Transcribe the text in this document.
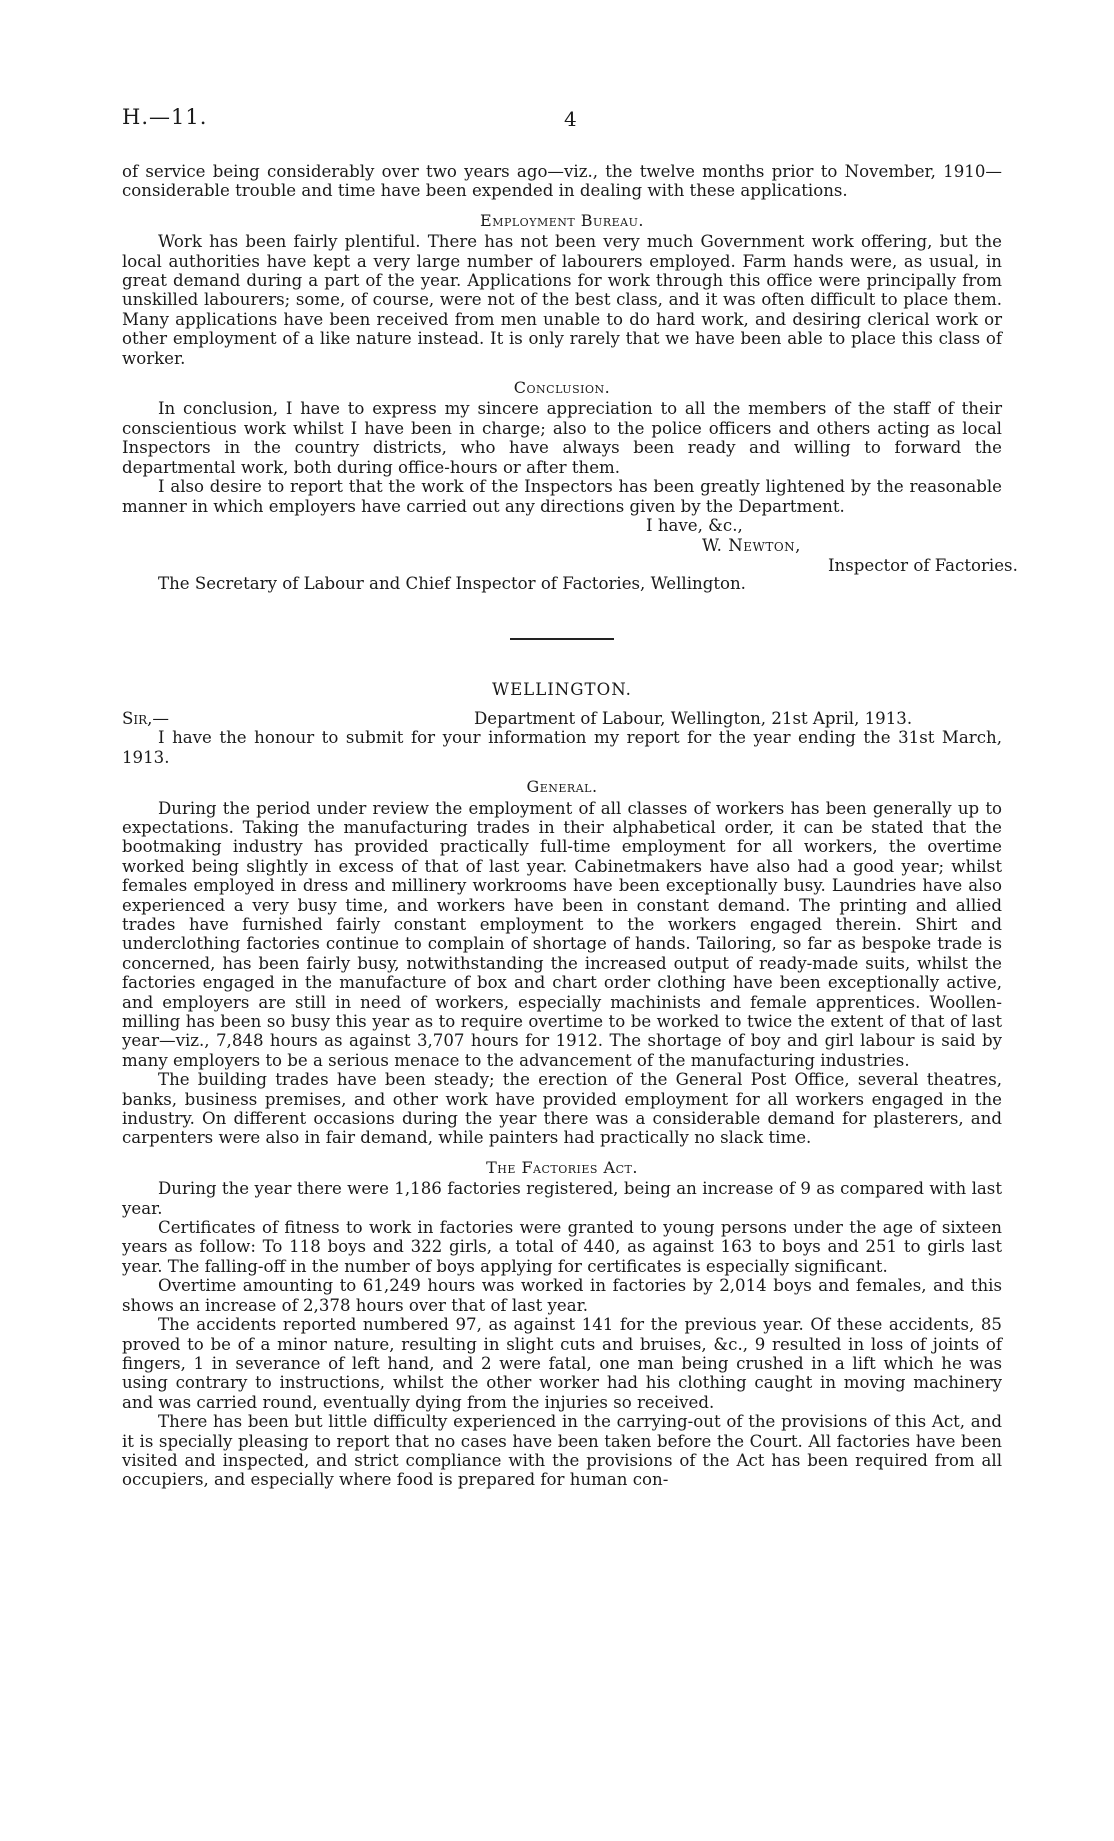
H.—11.	4

of service being considerably over two years ago—viz., the twelve months prior to November, 1910—considerable trouble and time have been expended in dealing with these applications.

Employment Bureau.

Work has been fairly plentiful. There has not been very much Government work offering, but the local authorities have kept a very large number of labourers employed. Farm hands were, as usual, in great demand during a part of the year. Applications for work through this office were principally from unskilled labourers; some, of course, were not of the best class, and it was often difficult to place them. Many applications have been received from men unable to do hard work, and desiring clerical work or other employment of a like nature instead. It is only rarely that we have been able to place this class of worker.

Conclusion.

In conclusion, I have to express my sincere appreciation to all the members of the staff of their conscientious work whilst I have been in charge; also to the police officers and others acting as local Inspectors in the country districts, who have always been ready and willing to forward the departmental work, both during office-hours or after them.

I also desire to report that the work of the Inspectors has been greatly lightened by the reasonable manner in which employers have carried out any directions given by the Department.

I have, &c.,
W. Newton,
Inspector of Factories.
The Secretary of Labour and Chief Inspector of Factories, Wellington.
WELLINGTON.
Sir,—	Department of Labour, Wellington, 21st April, 1913.

I have the honour to submit for your information my report for the year ending the 31st March, 1913.

General.

During the period under review the employment of all classes of workers has been generally up to expectations. Taking the manufacturing trades in their alphabetical order, it can be stated that the bootmaking industry has provided practically full-time employment for all workers, the overtime worked being slightly in excess of that of last year. Cabinetmakers have also had a good year; whilst females employed in dress and millinery workrooms have been exceptionally busy. Laundries have also experienced a very busy time, and workers have been in constant demand. The printing and allied trades have furnished fairly constant employment to the workers engaged therein. Shirt and underclothing factories continue to complain of shortage of hands. Tailoring, so far as bespoke trade is concerned, has been fairly busy, notwithstanding the increased output of ready-made suits, whilst the factories engaged in the manufacture of box and chart order clothing have been exceptionally active, and employers are still in need of workers, especially machinists and female apprentices. Woollen-milling has been so busy this year as to require overtime to be worked to twice the extent of that of last year—viz., 7,848 hours as against 3,707 hours for 1912. The shortage of boy and girl labour is said by many employers to be a serious menace to the advancement of the manufacturing industries.

The building trades have been steady; the erection of the General Post Office, several theatres, banks, business premises, and other work have provided employment for all workers engaged in the industry. On different occasions during the year there was a considerable demand for plasterers, and carpenters were also in fair demand, while painters had practically no slack time.

The Factories Act.

During the year there were 1,186 factories registered, being an increase of 9 as compared with last year.

Certificates of fitness to work in factories were granted to young persons under the age of sixteen years as follow: To 118 boys and 322 girls, a total of 440, as against 163 to boys and 251 to girls last year. The falling-off in the number of boys applying for certificates is especially significant.

Overtime amounting to 61,249 hours was worked in factories by 2,014 boys and females, and this shows an increase of 2,378 hours over that of last year.

The accidents reported numbered 97, as against 141 for the previous year. Of these accidents, 85 proved to be of a minor nature, resulting in slight cuts and bruises, &c., 9 resulted in loss of joints of fingers, 1 in severance of left hand, and 2 were fatal, one man being crushed in a lift which he was using contrary to instructions, whilst the other worker had his clothing caught in moving machinery and was carried round, eventually dying from the injuries so received.

There has been but little difficulty experienced in the carrying-out of the provisions of this Act, and it is specially pleasing to report that no cases have been taken before the Court. All factories have been visited and inspected, and strict compliance with the provisions of the Act has been required from all occupiers, and especially where food is prepared for human con-
